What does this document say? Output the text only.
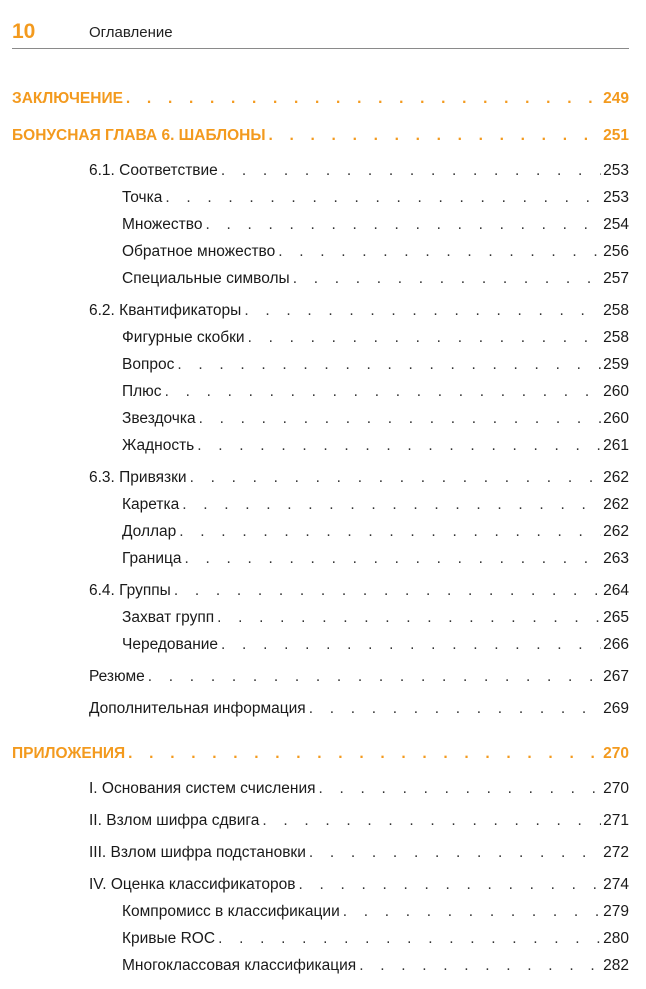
10	Оглавление
ЗАКЛЮЧЕНИЕ . . .	249
БОНУСНАЯ ГЛАВА 6. ШАБЛОНЫ . . .	251
6.1. Соответствие . . .	253
Точка . . .	253
Множество . . .	254
Обратное множество . . .	256
Специальные символы . . .	257
6.2. Квантификаторы . . .	258
Фигурные скобки . . .	258
Вопрос . . .	259
Плюс . . .	260
Звездочка . . .	260
Жадность . . .	261
6.3. Привязки . . .	262
Каретка . . .	262
Доллар . . .	262
Граница . . .	263
6.4. Группы . . .	264
Захват групп . . .	265
Чередование . . .	266
Резюме . . .	267
Дополнительная информация . . .	269
ПРИЛОЖЕНИЯ . . .	270
I. Основания систем счисления . . .	270
II. Взлом шифра сдвига . . .	271
III. Взлом шифра подстановки . . .	272
IV. Оценка классификаторов . . .	274
Компромисс в классификации . . .	279
Кривые ROC . . .	280
Многоклассовая классификация . . .	282
